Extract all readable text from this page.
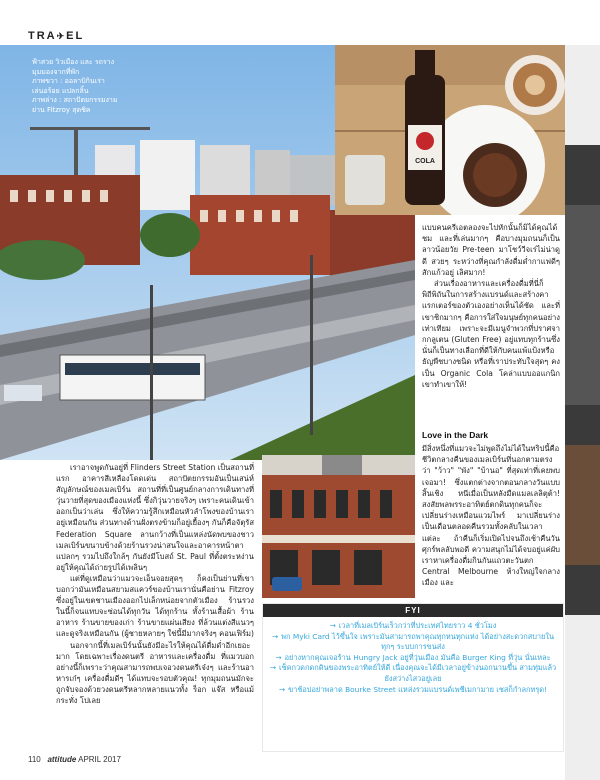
TRA✈EL
ฟ้าสวย วิวเมือง และ รถราง
มุมมองจากที่พัก
ภาพขวา : ออลาบิกินเร่า
เล่นอร้อย แปลกลิ้น
ภาพล่าง : สถาปัตยกรรมงาม
ย่าน Fitzroy สุดชิค
COLA

แบบคนครีเอตลองจะไปหักนั้นก็มิได้คุณได้ชม และที่เล่นมากๆ คือบางมุมถนนก็เป็นลาวน้อยวัย Pre-teen มาโชว์วีจเร่ไม่น่าดูดี สวยๆ ระหว่างที่คุณกำลังดื่มด่ำกาแฟดีๆ สักแก้วอยู่ เลิศมาก!

ส่วนเรื่องอาหารและเครื่องดื่มที่นี่ก็พิถีพิถันในการสร้างแบรนด์และสร้างคาแรกเตอร์ของตัวเองอย่างเห็นได้ชัด และที่เขาชิกมากๆ คือการใส่ใจมนุษย์ทุกคนอย่างเท่าเทียม เพราะจะมีเมนูจำพวกที่ปราศจากกลูเตน (Gluten Free) อยู่แทบทุกร้านซึ่งนั่นก็เป็นทางเลือกที่ดีให้กับคนแพ้แป้งหรือธัญพืชบางชนิด หรือที่เราประทับใจสุดๆ คงเป็น Organic Cola โคล่าแบบออแกนิก เขาทำเขาให้!

Love in the Dark

มีสิ่งหนึ่งที่แมวจะไม่พูดถึงไม่ได้ในทริปนี้คือชีวิตกลางคืนของเมลเบิร์นที่นอกตามตรงว่า "ว้าว" "พัง" "บ้านอ" ที่สุดเท่าที่เคยพบเจอมา! ซึ่งแตกต่างจากตอนกลางวันแบบสิ้นเชิง หนีเมื่อเป็นหลังมืดแมลเลลิตุต้า! สงสัยพลพรระอาทิตย์ตกดินทุกคนก็จะเปลี่ยนร่างเหมือนแวมไพร์ มาเปลี่ยนร่างเป็นเดือนตลอดคืนรวมทั้งคลับในเวลาแต่ละ ถ้าคืนก็เริ่มเปิดไปจนถึงเช้าคืนวันศุกร์พลลับพอดี ความสนุกไม่ได้จบอยู่แค่ผับ เราหาเครื่องดื่มกินกันแถวตะวันตก Central Melbourne ห้างใหญ่ใจกลางเมือง และ

เราอาจพูดกันอยู่ที่ Flinders Street Station เป็นสถานที่แรก อาคารสีเหลืองโดดเด่น สถาปัตยกรรมอันเป็นเสน่ห์สัญลักษณ์ของเมลเบิร์น สถานที่ที่เป็นศูนย์กลางการเดินทางที่วุ่นวายที่สุดของเมืองแห่งนี้ ซึ่งกิวุ่นวายจริงๆ เพราะคนเดินเข้าออกเป็นว่าเล่น ซึ่งให้ความรู้สึกเหมือนหัวลำโพงของบ้านเราอยู่เหมือนกัน ส่วนทางด้านฝั่งตรงข้ามก็อยู่เยื้องๆ กันก็คือจัตุรัส Federation Square ลานกว้างที่เป็นแหล่งนัดพบของชาวเมลเบิร์นขนาบข้างด้วยร้านรวงน่าสนใจและอาคารหน้าตาแปลกๆ รวมไปถึงใกล้ๆ กันยังมีโบสถ์ St. Paul ที่ตั้งตระหง่านอยู่ให้คุณได้ถ่ายรูปได้เพลินๆ

แต่ที่ดูเหมือนว่าแมวจะเอ็นจอยสุดๆ ก็คงเป็นย่านที่เขาบอกว่ามันเหมือนสยามสแควร์ของบ้านเรานั่นคือย่าน Fitzroy ซึ่งอยู่ในเขตชานเมืองออกไปเล็กหน่อยจากตัวเมือง ร้านรวงในนี้ก็จนแทบจะซ่อนได้ทุกวัน ได้ทุกร้าน ทั้งร้านเสื้อผ้า ร้านอาหาร ร้านขายของเก่า ร้านขายแผ่นเสียง ที่ล้วนแต่งสีแนวๆ และดูจริงเหมือนกัน (ผู้ชายหลายๆ ใช่นี้มีมากจริงๆ คอนเฟิร์ม)

นอกจากนี้ที่เมลเบิร์นนั้นยังมีอะไรให้คุณได้ดื่มด่ำอีกเยอะมาก โดยเฉพาะเรื่องดนตรี อาหารและเครื่องดื่ม ที่แมวบอกอย่างนี้ก็เพราะว่าคุณสามารถพบเจอวงดนตรีเจ๋งๆ และร้านอาหารเก๋ๆ เครื่องดื่มดีๆ ได้แทบจะรอบตัวคุณ! ทุกมุมถนนมักจะถูกจับจองด้วยวงดนตรีหลากหลายแนวทั้ง ร็อก แจ๊ส หรือแม้กระทั่ง โปเลย

FYI
→ เวลาที่เมลเบิร์นเร็วกว่าที่ประเทศไทยราว 4 ชั่วโมง
→ พก Myki Card ไว้ขึ้นใจ เพราะมันสามารถพาคุณทุกหนทุกแห่ง ได้อย่างสะดวกสบายในทุกๆ ระบบการขนส่ง
→ อย่างหากคุณเจอร้าน Hungry Jack อยู่ที่วุ่นเมือง มันคือ Burger King ที่วุ่น นั่นเหละ
→ เช็คกวดกดกดินของพระอาทิตย์ให้ดี เนื่องคุณจะได้มีเวลาอยู่ข้างนอกนานขึ้น สามทุ่มแล้วยังสว่างไสวอยู่เลย
→ ขาช้อปอย่าพลาด Bourke Street แหล่งรวมแบรนด์เพชีเมกามาย เชสก็กำลกทรุด!
110 attitude APRIL 2017
